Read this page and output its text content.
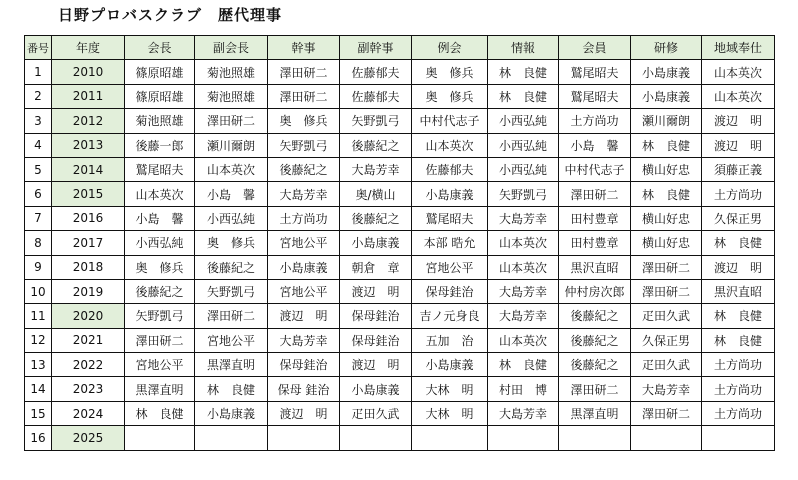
日野プロバスクラブ　歴代理事
番号	年度	会長	副会長	幹事	副幹事	例会	情報	会員	研修	地域奉仕
1	2010	篠原昭雄	菊池照雄	澤田研二	佐藤郁夫	奥　修兵	林　良健	鷲尾昭夫	小島康義	山本英次
2	2011	篠原昭雄	菊池照雄	澤田研二	佐藤郁夫	奥　修兵	林　良健	鷲尾昭夫	小島康義	山本英次
3	2012	菊池照雄	澤田研二	奥　修兵	矢野凱弓	中村代志子	小西弘純	土方尚功	瀬川爾朗	渡辺　明
4	2013	後藤一郎	瀬川爾朗	矢野凱弓	後藤紀之	山本英次	小西弘純	小島　馨	林　良健	渡辺　明
5	2014	鷲尾昭夫	山本英次	後藤紀之	大島芳幸	佐藤郁夫	小西弘純	中村代志子	横山好忠	須藤正義
6	2015	山本英次	小島　馨	大島芳幸	奥/横山	小島康義	矢野凱弓	澤田研二	林　良健	土方尚功
7	2016	小島　馨	小西弘純	土方尚功	後藤紀之	鷲尾昭夫	大島芳幸	田村豊章	横山好忠	久保正男
8	2017	小西弘純	奥　修兵	宮地公平	小島康義	本部 晧允	山本英次	田村豊章	横山好忠	林　良健
9	2018	奥　修兵	後藤紀之	小島康義	朝倉　章	宮地公平	山本英次	黒沢直昭	澤田研二	渡辺　明
10	2019	後藤紀之	矢野凱弓	宮地公平	渡辺　明	保母銈治	大島芳幸	仲村房次郎	澤田研二	黒沢直昭
11	2020	矢野凱弓	澤田研二	渡辺　明	保母銈治	吉ノ元身良	大島芳幸	後藤紀之	疋田久武	林　良健
12	2021	澤田研二	宮地公平	大島芳幸	保母銈治	五加　治	山本英次	後藤紀之	久保正男	林　良健
13	2022	宮地公平	黒澤直明	保母銈治	渡辺　明	小島康義	林　良健	後藤紀之	疋田久武	土方尚功
14	2023	黒澤直明	林　良健	保母 銈治	小島康義	大林　明	村田　博	澤田研二	大島芳幸	土方尚功
15	2024	林　良健	小島康義	渡辺　明	疋田久武	大林　明	大島芳幸	黒澤直明	澤田研二	土方尚功
16	2025									
